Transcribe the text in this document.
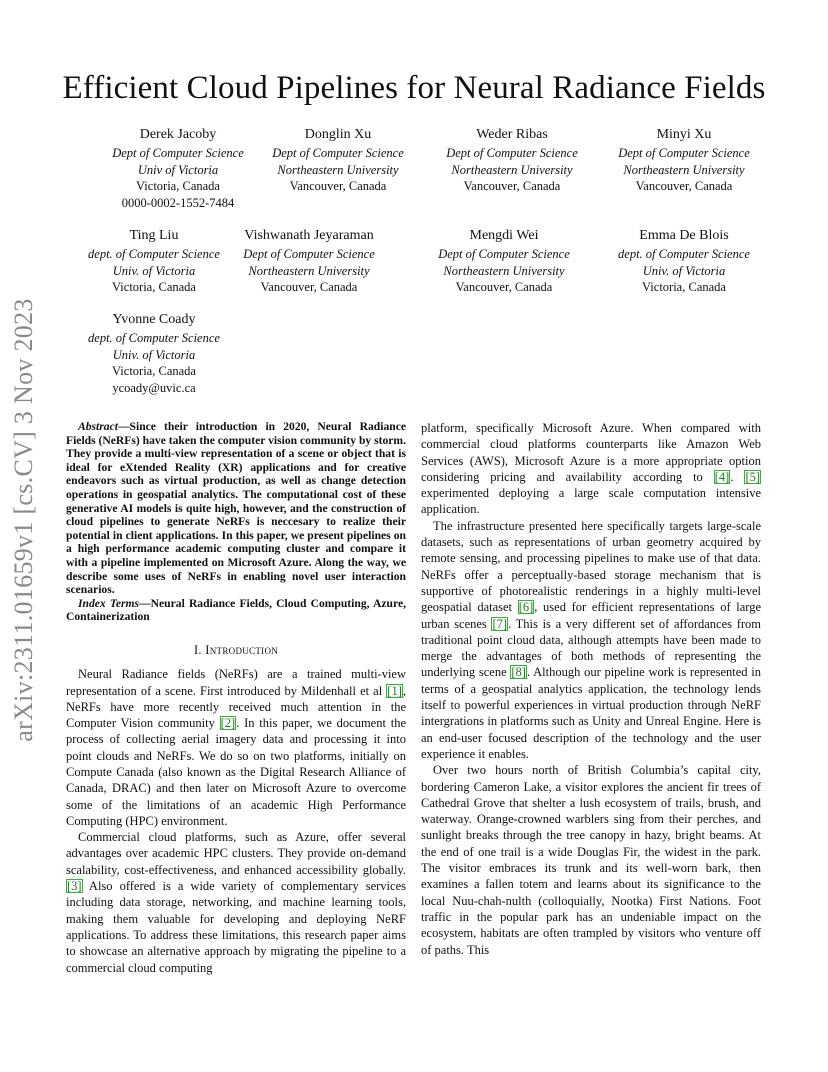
arXiv:2311.01659v1 [cs.CV] 3 Nov 2023
Efficient Cloud Pipelines for Neural Radiance Fields
Derek Jacoby
Dept of Computer Science
Univ of Victoria
Victoria, Canada
0000-0002-1552-7484
Donglin Xu
Dept of Computer Science
Northeastern University
Vancouver, Canada
Weder Ribas
Dept of Computer Science
Northeastern University
Vancouver, Canada
Minyi Xu
Dept of Computer Science
Northeastern University
Vancouver, Canada
Ting Liu
dept. of Computer Science
Univ. of Victoria
Victoria, Canada
Vishwanath Jeyaraman
Dept of Computer Science
Northeastern University
Vancouver, Canada
Mengdi Wei
Dept of Computer Science
Northeastern University
Vancouver, Canada
Emma De Blois
dept. of Computer Science
Univ. of Victoria
Victoria, Canada
Yvonne Coady
dept. of Computer Science
Univ. of Victoria
Victoria, Canada
ycoady@uvic.ca
Abstract—Since their introduction in 2020, Neural Radiance Fields (NeRFs) have taken the computer vision community by storm. They provide a multi-view representation of a scene or object that is ideal for eXtended Reality (XR) applications and for creative endeavors such as virtual production, as well as change detection operations in geospatial analytics. The computational cost of these generative AI models is quite high, however, and the construction of cloud pipelines to generate NeRFs is neccesary to realize their potential in client applications. In this paper, we present pipelines on a high performance academic computing cluster and compare it with a pipeline implemented on Microsoft Azure. Along the way, we describe some uses of NeRFs in enabling novel user interaction scenarios.
Index Terms—Neural Radiance Fields, Cloud Computing, Azure, Containerization
I. Introduction

Neural Radiance fields (NeRFs) are a trained multi-view representation of a scene. First introduced by Mildenhall et al [1], NeRFs have more recently received much attention in the Computer Vision community [2]. In this paper, we document the process of collecting aerial imagery data and processing it into point clouds and NeRFs. We do so on two platforms, initially on Compute Canada (also known as the Digital Research Alliance of Canada, DRAC) and then later on Microsoft Azure to overcome some of the limitations of an academic High Performance Computing (HPC) environment.

Commercial cloud platforms, such as Azure, offer several advantages over academic HPC clusters. They provide on-demand scalability, cost-effectiveness, and enhanced accessibility globally. [3] Also offered is a wide variety of complementary services including data storage, networking, and machine learning tools, making them valuable for developing and deploying NeRF applications. To address these limitations, this research paper aims to showcase an alternative approach by migrating the pipeline to a commercial cloud computing

platform, specifically Microsoft Azure. When compared with commercial cloud platforms counterparts like Amazon Web Services (AWS), Microsoft Azure is a more appropriate option considering pricing and availability according to [4]. [5] experimented deploying a large scale computation intensive application.

The infrastructure presented here specifically targets large-scale datasets, such as representations of urban geometry acquired by remote sensing, and processing pipelines to make use of that data. NeRFs offer a perceptually-based storage mechanism that is supportive of photorealistic renderings in a highly multi-level geospatial dataset [6], used for efficient representations of large urban scenes [7]. This is a very different set of affordances from traditional point cloud data, although attempts have been made to merge the advantages of both methods of representing the underlying scene [8]. Although our pipeline work is represented in terms of a geospatial analytics application, the technology lends itself to powerful experiences in virtual production through NeRF intergrations in platforms such as Unity and Unreal Engine. Here is an end-user focused description of the technology and the user experience it enables.

Over two hours north of British Columbia’s capital city, bordering Cameron Lake, a visitor explores the ancient fir trees of Cathedral Grove that shelter a lush ecosystem of trails, brush, and waterway. Orange-crowned warblers sing from their perches, and sunlight breaks through the tree canopy in hazy, bright beams. At the end of one trail is a wide Douglas Fir, the widest in the park. The visitor embraces its trunk and its well-worn bark, then examines a fallen totem and learns about its significance to the local Nuu-chah-nulth (colloquially, Nootka) First Nations. Foot traffic in the popular park has an undeniable impact on the ecosystem, habitats are often trampled by visitors who venture off of paths. This
